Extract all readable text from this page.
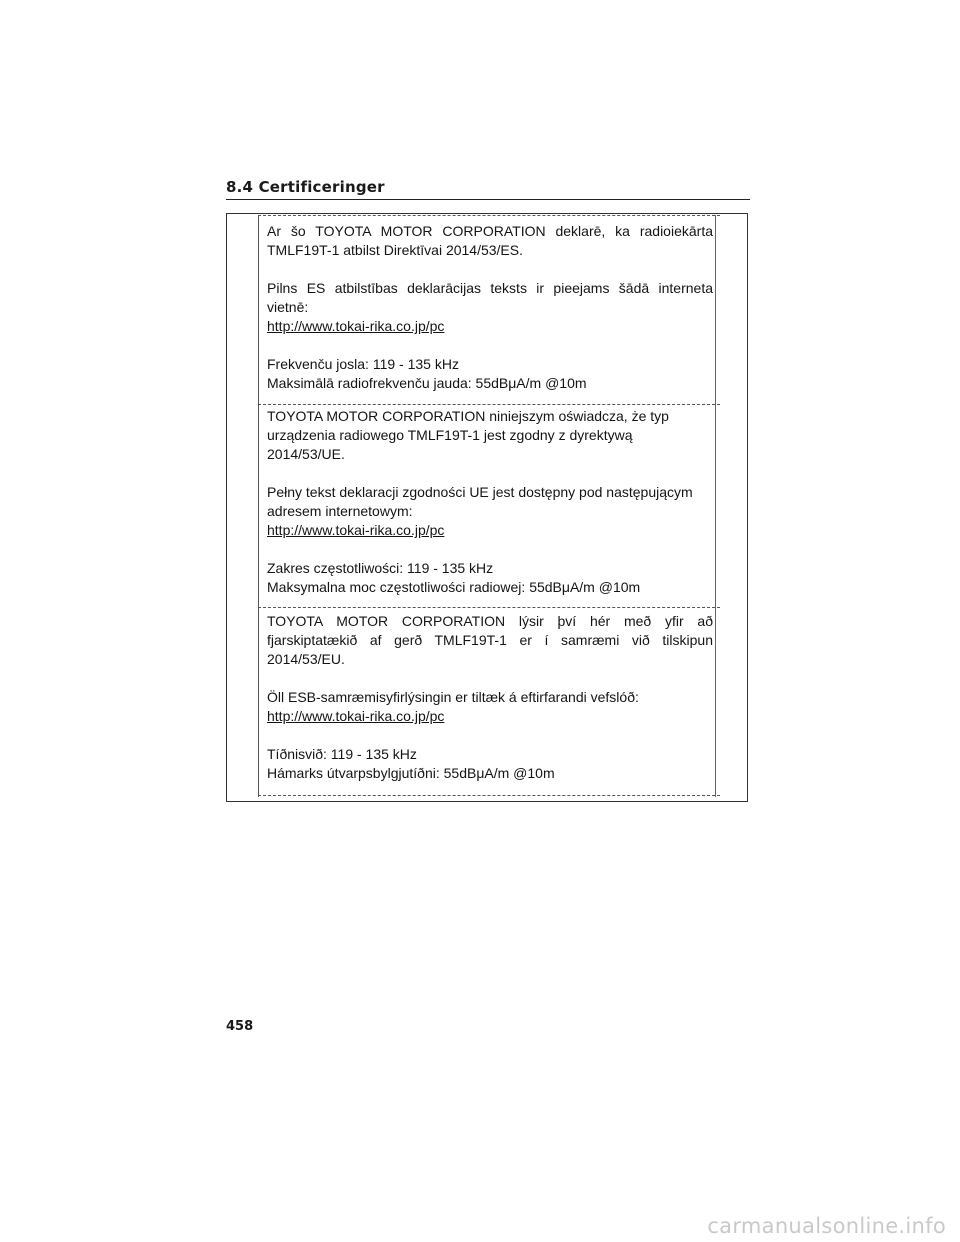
8.4 Certificeringer

Ar šo TOYOTA MOTOR CORPORATION deklarē, ka radioiekārta TMLF19T-1 atbilst Direktīvai 2014/53/ES.

Pilns ES atbilstības deklarācijas teksts ir pieejams šādā interneta vietnē:

http://www.tokai-rika.co.jp/pc

Frekvenču josla: 119 - 135 kHz

Maksimālā radiofrekvenču jauda: 55dBμA/m @10m

TOYOTA MOTOR CORPORATION niniejszym oświadcza, że typ urządzenia radiowego TMLF19T-1 jest zgodny z dyrektywą 2014/53/UE.

Pełny tekst deklaracji zgodności UE jest dostępny pod następującym adresem internetowym:

http://www.tokai-rika.co.jp/pc

Zakres częstotliwości: 119 - 135 kHz

Maksymalna moc częstotliwości radiowej: 55dBμA/m @10m

TOYOTA MOTOR CORPORATION lýsir því hér með yfir að fjarskiptatækið af gerð TMLF19T-1 er í samræmi við tilskipun 2014/53/EU.

Öll ESB-samræmisyfirlýsingin er tiltæk á eftirfarandi vefslóð:

http://www.tokai-rika.co.jp/pc

Tíðnisvið: 119 - 135 kHz

Hámarks útvarpsbylgjutíðni: 55dBμA/m @10m

458
carmanualsonline.info
